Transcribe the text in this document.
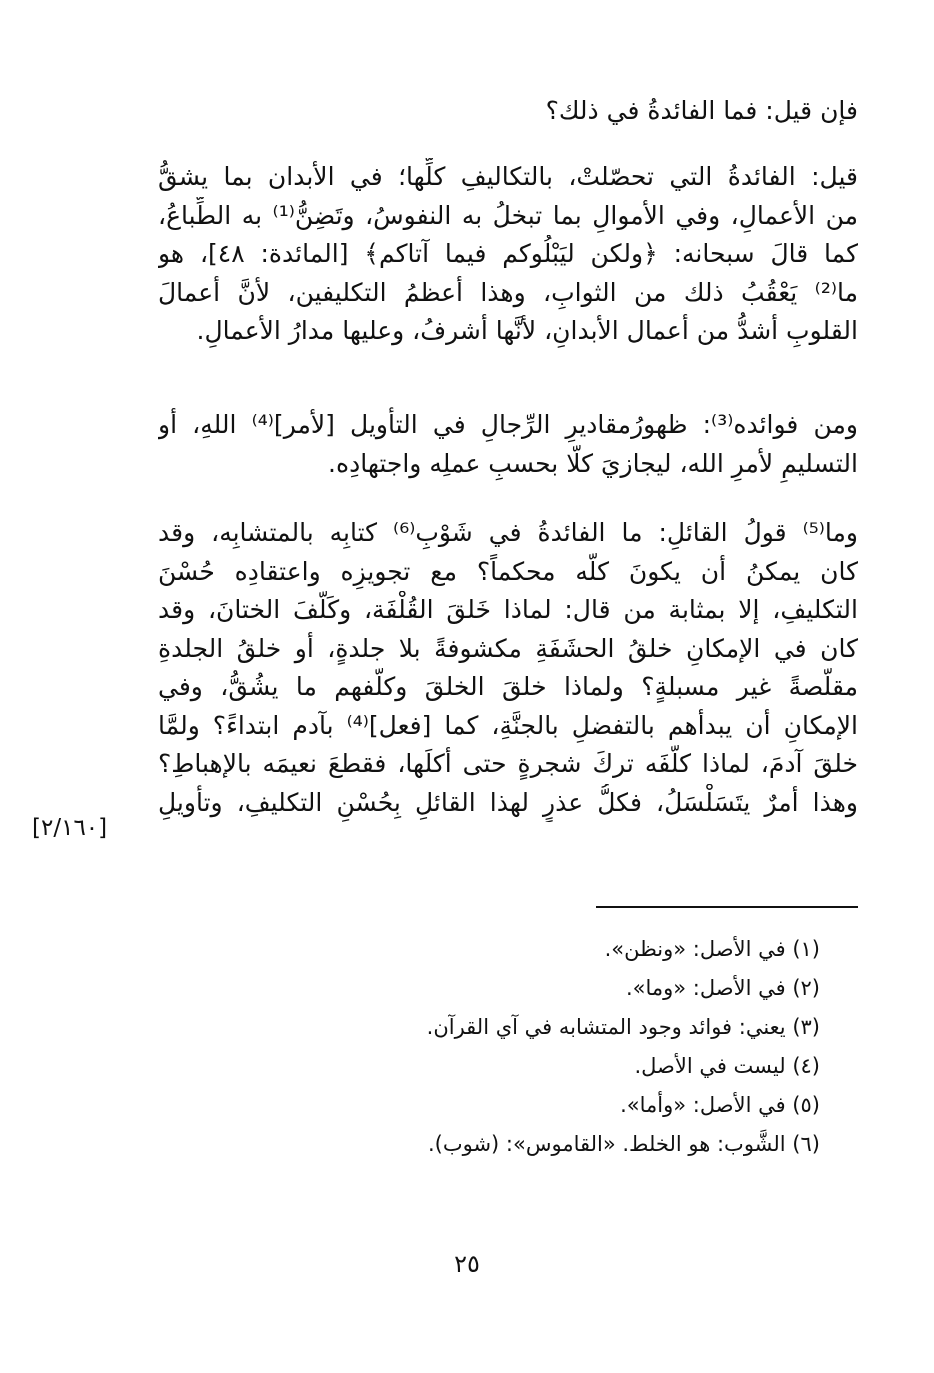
فإن قيل: فما الفائدةُ في ذلك؟
قيل: الفائدةُ التي تحصّلتْ، بالتكاليفِ كلِّها؛ في الأبدان بما يشقُّ
من الأعمالِ، وفي الأموالِ بما تبخلُ به النفوسُ، وتَضِنُّ⁽¹⁾ به الطِّباعُ،
كما قالَ سبحانه: ﴿ولكن ليَبْلُوكم فيما آتاكم﴾ [المائدة: ٤٨]، هو
ما⁽²⁾ يَعْقُبُ ذلك من الثوابِ، وهذا أعظمُ التكليفين، لأنَّ أعمالَ
القلوبِ أشدُّ من أعمال الأبدانِ، لأنَّها أشرفُ، وعليها مدارُ الأعمالِ.
ومن فوائده⁽³⁾: ظهورُمقاديرِ الرِّجالِ في التأويل [لأمر]⁽⁴⁾ اللهِ، أو
التسليمِ لأمرِ الله، ليجازيَ كلًّا بحسبِ عملِه واجتهادِه.
وما⁽⁵⁾ قولُ القائلِ: ما الفائدةُ في شَوْبِ⁽⁶⁾ كتابِه بالمتشابِه، وقد
كان يمكنُ أن يكونَ كلُّه محكماً؟ مع تجويزِه واعتقادِه حُسْنَ
التكليفِ، إلا بمثابة من قال: لماذا خَلقَ القُلْفَة، وكَلَّفَ الختانَ، وقد
كان في الإمكانِ خلقُ الحشَفَةِ مكشوفةً بلا جلدةٍ، أو خلقُ الجلدةِ
مقلَّصةً غير مسبلةٍ؟ ولماذا خلقَ الخلقَ وكلَّفهم ما يشُقُّ، وفي
الإمكانِ أن يبدأهم بالتفضلِ بالجنَّةِ، كما [فعل]⁽⁴⁾ بآدم ابتداءً؟ ولمَّا
خلقَ آدمَ، لماذا كلَّفَه تركَ شجرةٍ حتى أكلَها، فقطعَ نعيمَه بالإهباطِ؟
وهذا أمرٌ يتَسَلْسَلُ، فكلُّ عذرٍ لهذا القائلِ بِحُسْنِ التكليفِ، وتأويلِ
[٢/١٦٠]
(١) في الأصل: «ونظن».
(٢) في الأصل: «وما».
(٣) يعني: فوائد وجود المتشابه في آي القرآن.
(٤) ليست في الأصل.
(٥) في الأصل: «وأما».
(٦) الشَّوب: هو الخلط. «القاموس»: (شوب).
٢٥
